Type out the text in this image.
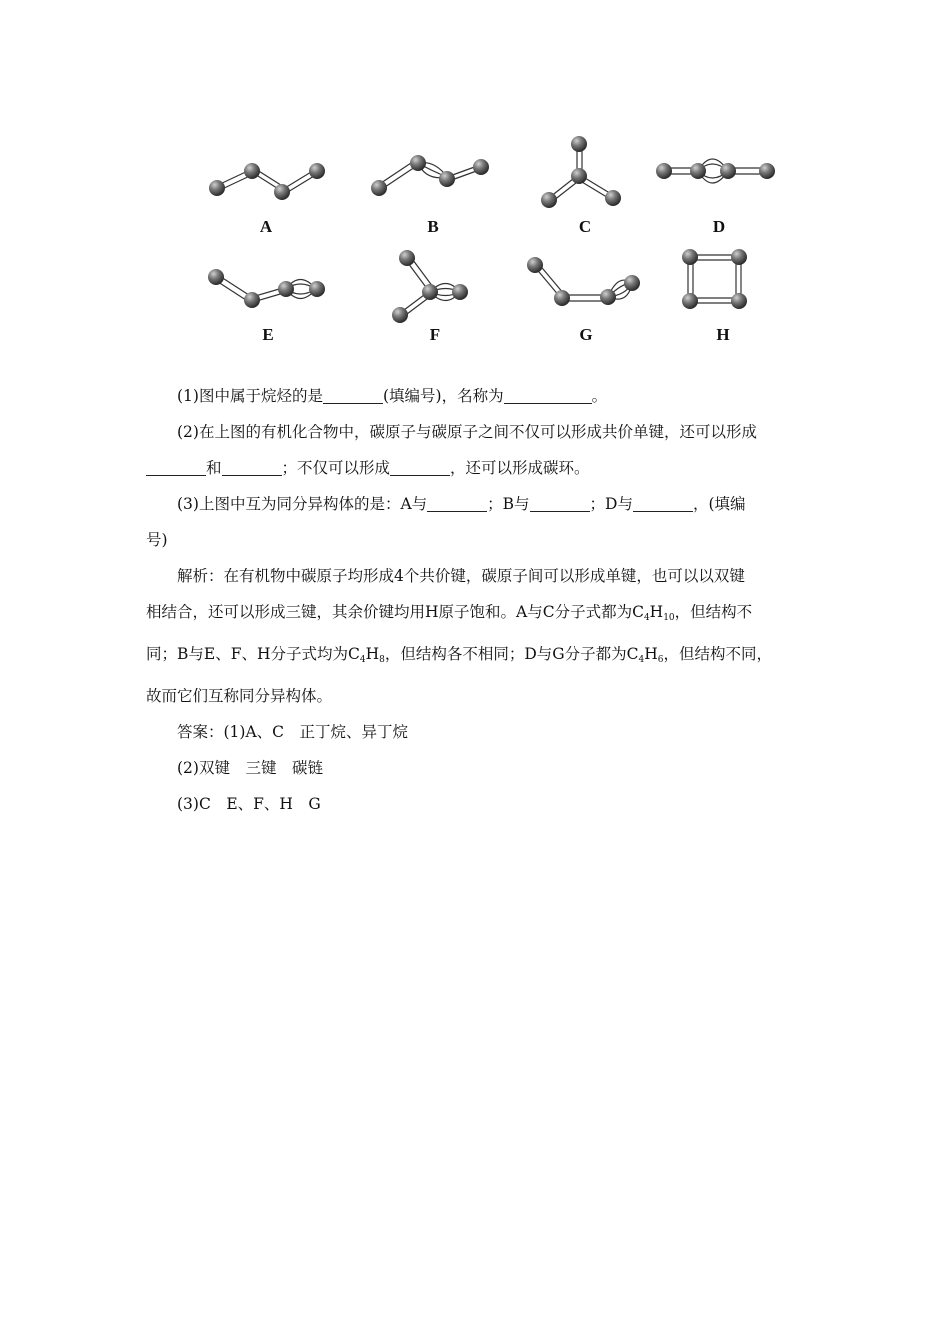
A	B	C	D
E	F	G	H
(1)图中属于烷烃的是	(填编号)，名称为	。
(2)在上图的有机化合物中，碳原子与碳原子之间不仅可以形成共价单键，还可以形成
和	；不仅可以形成	，还可以形成碳环。
(3)上图中互为同分异构体的是：A与	；B与	；D与	，(填编
号)
解析：在有机物中碳原子均形成4个共价键，碳原子间可以形成单键，也可以以双键
相结合，还可以形成三键，其余价键均用H原子饱和。A与C分子式都为$C_4H_{10}$，但结构不
同；B与E、F、H分子式均为$C_4H_8$，但结构各不相同；D与G分子都为$C_4H_6$，但结构不同，
故而它们互称同分异构体。
答案：(1)A、C　正丁烷、异丁烷
(2)双键　三键　碳链
(3)C　E、F、H　G
